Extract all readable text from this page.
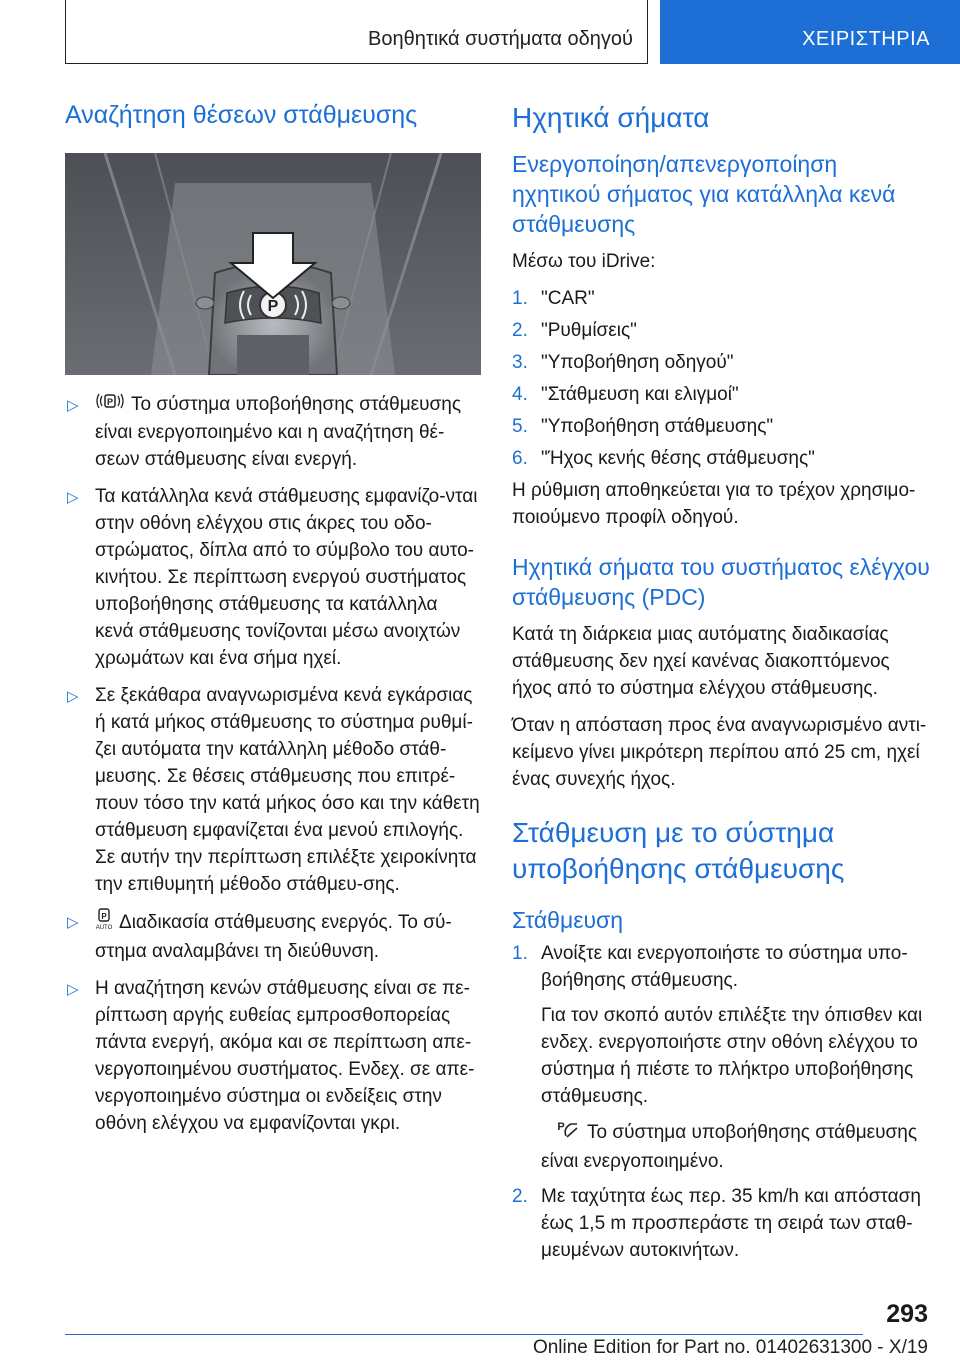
Βοηθητικά συστήματα οδηγού	ΧΕΙΡΙΣΤΗΡΙΑ
Αναζήτηση θέσεων στάθμευσης
P
▷	P Το σύστημα υποβοήθησης στάθμευσης είναι ενεργοποιημένο και η αναζήτηση θέ-σεων στάθμευσης είναι ενεργή.
▷ Τα κατάλληλα κενά στάθμευσης εμφανίζο-νται στην οθόνη ελέγχου στις άκρες του οδο-στρώματος, δίπλα από το σύμβολο του αυτο-κινήτου. Σε περίπτωση ενεργού συστήματος υποβοήθησης στάθμευσης τα κατάλληλα κενά στάθμευσης τονίζονται μέσω ανοιχτών χρωμάτων και ένα σήμα ηχεί.
▷ Σε ξεκάθαρα αναγνωρισμένα κενά εγκάρσιας ή κατά μήκος στάθμευσης το σύστημα ρυθμί-ζει αυτόματα την κατάλληλη μέθοδο στάθ-μευσης. Σε θέσεις στάθμευσης που επιτρέ-πουν τόσο την κατά μήκος όσο και την κάθετη στάθμευση εμφανίζεται ένα μενού επιλογής. Σε αυτήν την περίπτωση επιλέξτε χειροκίνητα την επιθυμητή μέθοδο στάθμευ-σης.
▷	P
AUTO Διαδικασία στάθμευσης ενεργός. Το σύ-στημα αναλαμβάνει τη διεύθυνση.
▷ Η αναζήτηση κενών στάθμευσης είναι σε πε-ρίπτωση αργής ευθείας εμπροσθοπορείας πάντα ενεργή, ακόμα και σε περίπτωση απε-νεργοποιημένου συστήματος. Ενδεχ. σε απε-νεργοποιημένο σύστημα οι ενδείξεις στην οθόνη ελέγχου να εμφανίζονται γκρι.
Ηχητικά σήματα
Ενεργοποίηση/απενεργοποίηση ηχητικού σήματος για κατάλληλα κενά στάθμευσης

Μέσω του iDrive:

1. "CAR"
2. "Ρυθμίσεις"
3. "Υποβοήθηση οδηγού"
4. "Στάθμευση και ελιγμοί"
5. "Υποβοήθηση στάθμευσης"
6. "Ήχος κενής θέσης στάθμευσης"

Η ρύθμιση αποθηκεύεται για το τρέχον χρησιμο-ποιούμενο προφίλ οδηγού.

Ηχητικά σήματα του συστήματος ελέγχου στάθμευσης (PDC)

Κατά τη διάρκεια μιας αυτόματης διαδικασίας στάθμευσης δεν ηχεί κανένας διακοπτόμενος ήχος από το σύστημα ελέγχου στάθμευσης.

Όταν η απόσταση προς ένα αναγνωρισμένο αντι-κείμενο γίνει μικρότερη περίπου από 25 cm, ηχεί ένας συνεχής ήχος.

Στάθμευση με το σύστημα υποβοήθησης στάθμευσης
Στάθμευση
1. Ανοίξτε και ενεργοποιήστε το σύστημα υπο-βοήθησης στάθμευσης.
Για τον σκοπό αυτόν επιλέξτε την όπισθεν και ενδεχ. ενεργοποιήστε στην οθόνη ελέγχου το σύστημα ή πιέστε το πλήκτρο υποβοήθησης στάθμευσης.
P Το σύστημα υποβοήθησης στάθμευσης είναι ενεργοποιημένο.
2. Με ταχύτητα έως περ. 35 km/h και απόσταση έως 1,5 m προσπεράστε τη σειρά των σταθ-μευμένων αυτοκινήτων.
293
Online Edition for Part no. 01402631300 - X/19
